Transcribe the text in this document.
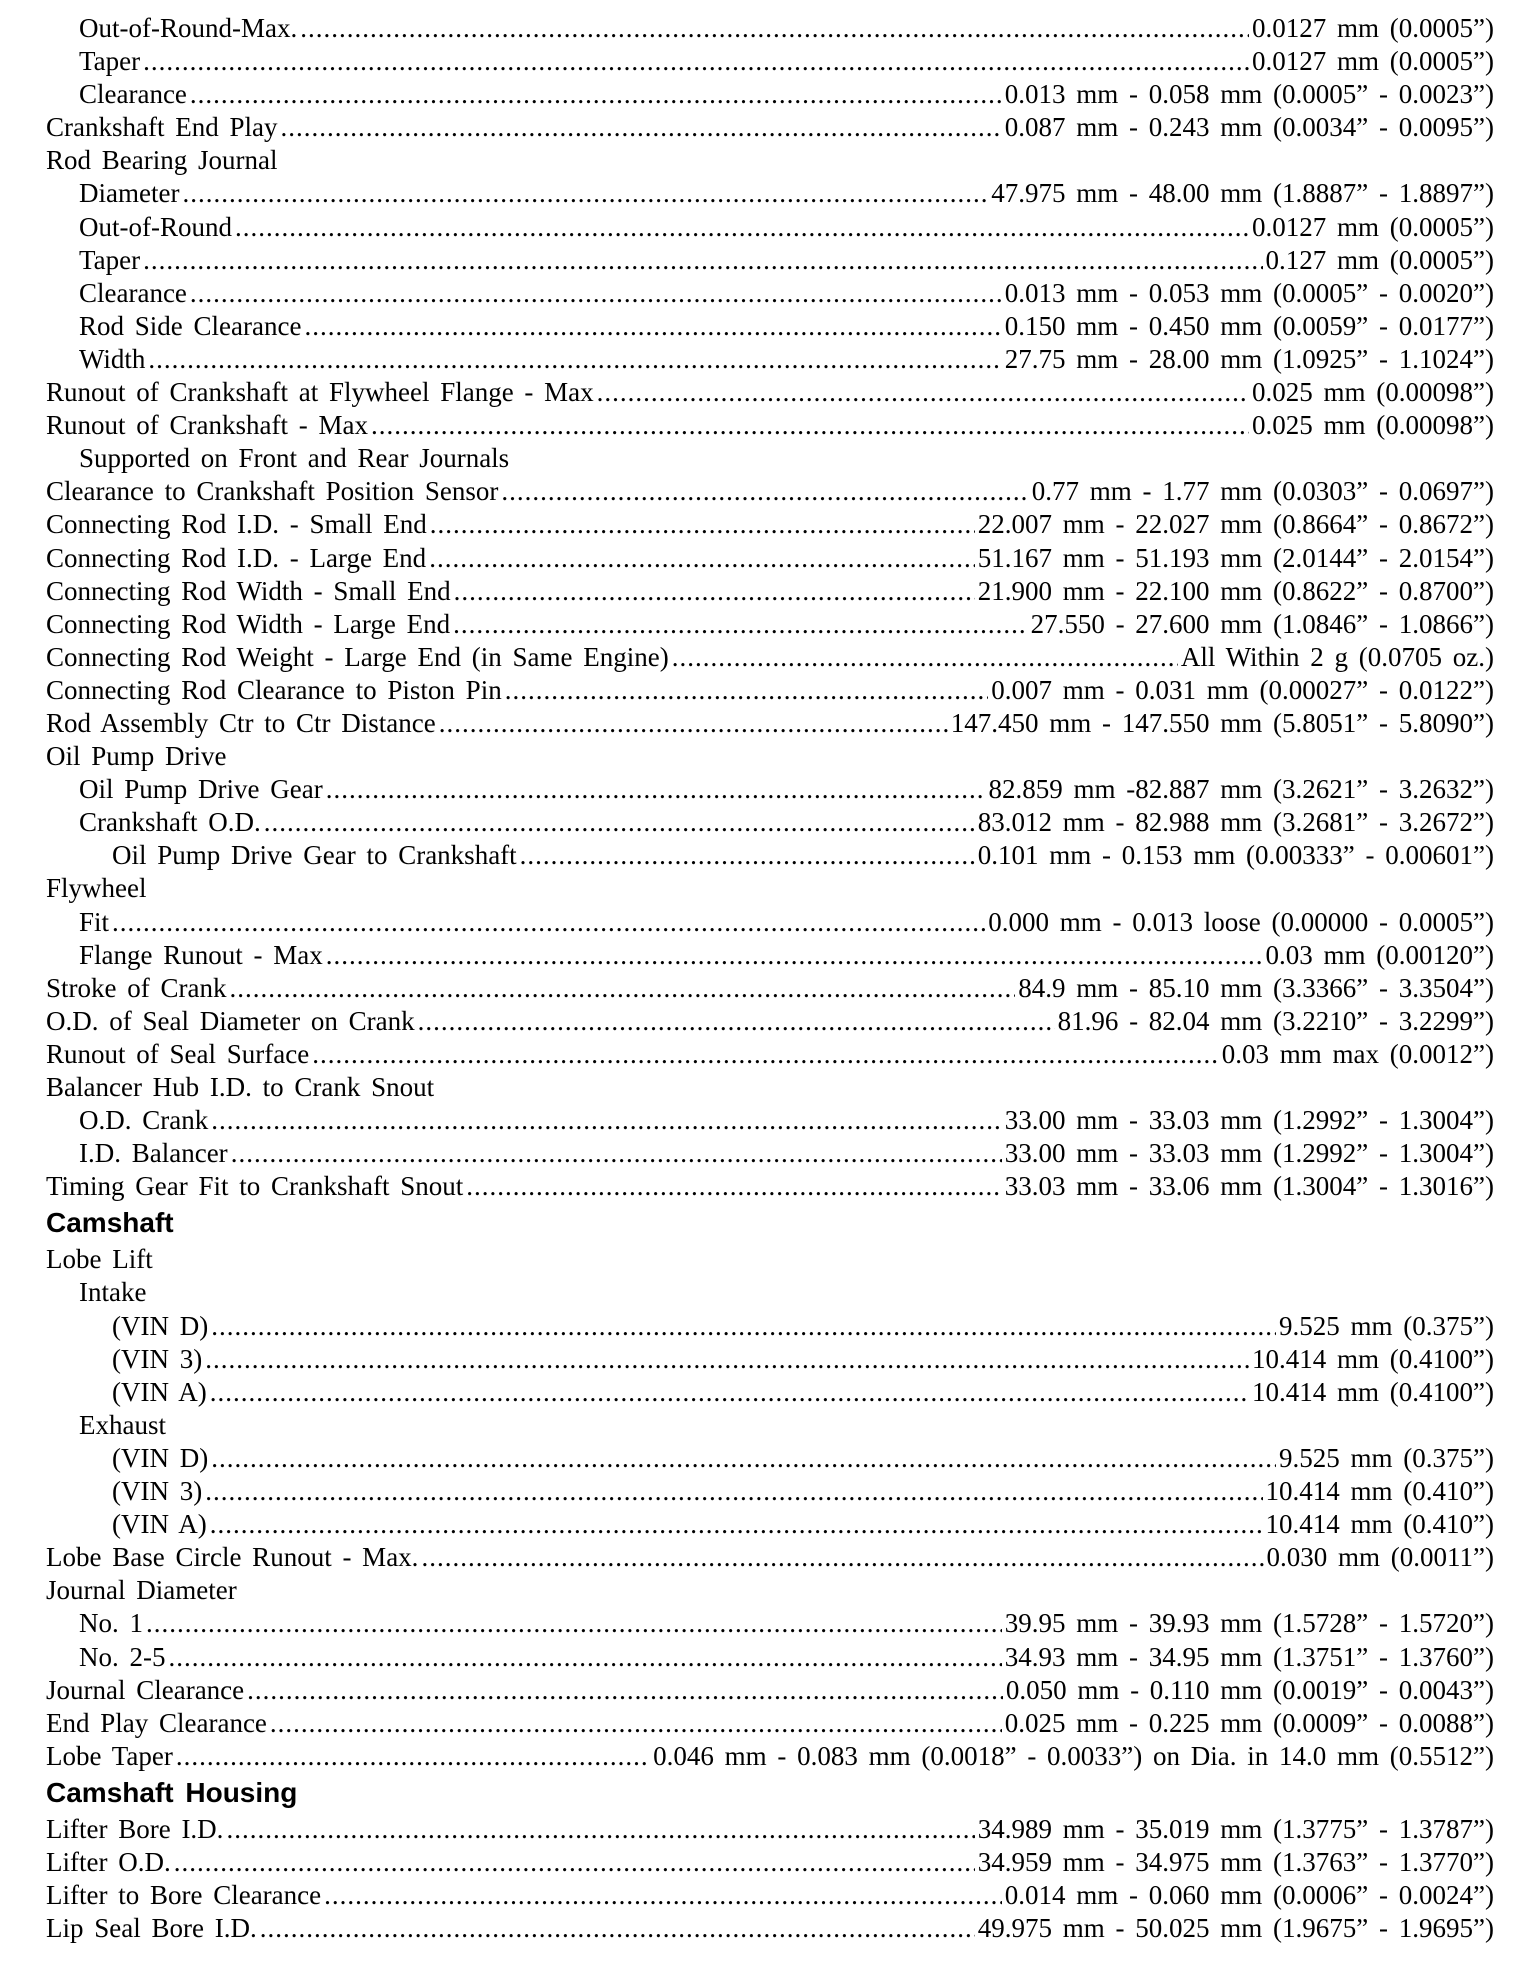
Out-of-Round-Max. .....	0.0127 mm (0.0005”)
Taper .....	0.0127 mm (0.0005”)
Clearance .....	0.013 mm - 0.058 mm (0.0005” - 0.0023”)
Crankshaft End Play .....	0.087 mm - 0.243 mm (0.0034” - 0.0095”)
Rod Bearing Journal
Diameter .....	47.975 mm - 48.00 mm (1.8887” - 1.8897”)
Out-of-Round .....	0.0127 mm (0.0005”)
Taper .....	0.127 mm (0.0005”)
Clearance .....	0.013 mm - 0.053 mm (0.0005” - 0.0020”)
Rod Side Clearance .....	0.150 mm - 0.450 mm (0.0059” - 0.0177”)
Width .....	27.75 mm - 28.00 mm (1.0925” - 1.1024”)
Runout of Crankshaft at Flywheel Flange - Max .....	0.025 mm (0.00098”)
Runout of Crankshaft - Max .....	0.025 mm (0.00098”)
Supported on Front and Rear Journals
Clearance to Crankshaft Position Sensor .....	0.77 mm - 1.77 mm (0.0303” - 0.0697”)
Connecting Rod I.D. - Small End .....	22.007 mm - 22.027 mm (0.8664” - 0.8672”)
Connecting Rod I.D. - Large End .....	51.167 mm - 51.193 mm (2.0144” - 2.0154”)
Connecting Rod Width - Small End .....	21.900 mm - 22.100 mm (0.8622” - 0.8700”)
Connecting Rod Width - Large End .....	27.550 - 27.600 mm (1.0846” - 1.0866”)
Connecting Rod Weight - Large End (in Same Engine) .....	All Within 2 g (0.0705 oz.)
Connecting Rod Clearance to Piston Pin .....	0.007 mm - 0.031 mm (0.00027” - 0.0122”)
Rod Assembly Ctr to Ctr Distance .....	147.450 mm - 147.550 mm (5.8051” - 5.8090”)
Oil Pump Drive
Oil Pump Drive Gear .....	82.859 mm -82.887 mm (3.2621” - 3.2632”)
Crankshaft O.D. .....	83.012 mm - 82.988 mm (3.2681” - 3.2672”)
Oil Pump Drive Gear to Crankshaft .....	0.101 mm - 0.153 mm (0.00333” - 0.00601”)
Flywheel
Fit .....	0.000 mm - 0.013 loose (0.00000 - 0.0005”)
Flange Runout - Max .....	0.03 mm (0.00120”)
Stroke of Crank .....	84.9 mm - 85.10 mm (3.3366” - 3.3504”)
O.D. of Seal Diameter on Crank .....	81.96 - 82.04 mm (3.2210” - 3.2299”)
Runout of Seal Surface .....	0.03 mm max (0.0012”)
Balancer Hub I.D. to Crank Snout
O.D. Crank .....	33.00 mm - 33.03 mm (1.2992” - 1.3004”)
I.D. Balancer .....	33.00 mm - 33.03 mm (1.2992” - 1.3004”)
Timing Gear Fit to Crankshaft Snout .....	33.03 mm - 33.06 mm (1.3004” - 1.3016”)
Camshaft
Lobe Lift
Intake
(VIN D) .....	9.525 mm (0.375”)
(VIN 3) .....	10.414 mm (0.4100”)
(VIN A) .....	10.414 mm (0.4100”)
Exhaust
(VIN D) .....	9.525 mm (0.375”)
(VIN 3) .....	10.414 mm (0.410”)
(VIN A) .....	10.414 mm (0.410”)
Lobe Base Circle Runout - Max. .....	0.030 mm (0.0011”)
Journal Diameter
No. 1 .....	39.95 mm - 39.93 mm (1.5728” - 1.5720”)
No. 2-5 .....	34.93 mm - 34.95 mm (1.3751” - 1.3760”)
Journal Clearance .....	0.050 mm - 0.110 mm (0.0019” - 0.0043”)
End Play Clearance .....	0.025 mm - 0.225 mm (0.0009” - 0.0088”)
Lobe Taper .....	0.046 mm - 0.083 mm (0.0018” - 0.0033”) on Dia. in 14.0 mm (0.5512”)
Camshaft Housing
Lifter Bore I.D. .....	34.989 mm - 35.019 mm (1.3775” - 1.3787”)
Lifter O.D. .....	34.959 mm - 34.975 mm (1.3763” - 1.3770”)
Lifter to Bore Clearance .....	0.014 mm - 0.060 mm (0.0006” - 0.0024”)
Lip Seal Bore I.D. .....	49.975 mm - 50.025 mm (1.9675” - 1.9695”)
